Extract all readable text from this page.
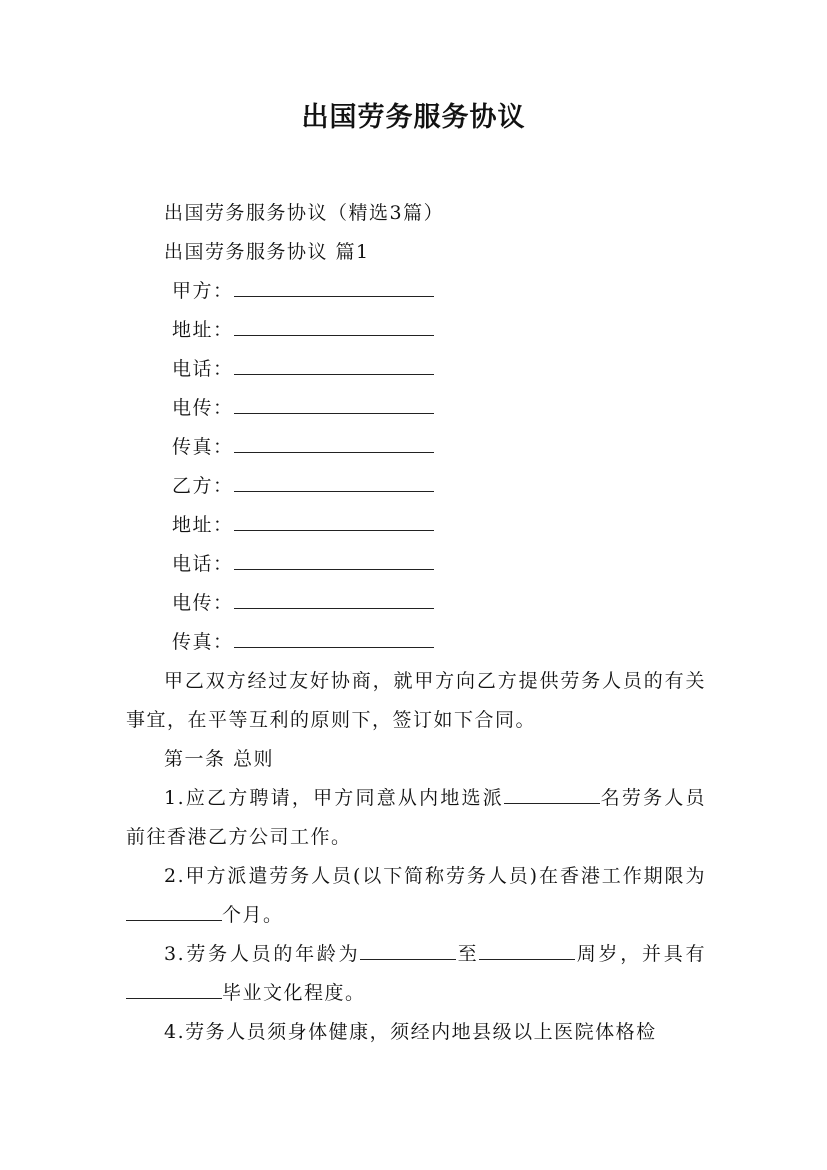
出国劳务服务协议

出国劳务服务协议（精选3篇）

出国劳务服务协议 篇1

甲方：

地址：

电话：

电传：

传真：

乙方：

地址：

电话：

电传：

传真：

甲乙双方经过友好协商，就甲方向乙方提供劳务人员的有关事宜，在平等互利的原则下，签订如下合同。

第一条 总则

1.应乙方聘请，甲方同意从内地选派	名劳务人员前往香港乙方公司工作。

2.甲方派遣劳务人员(以下简称劳务人员)在香港工作期限为个月。

3.劳务人员的年龄为	至	周岁，并具有毕业文化程度。

4.劳务人员须身体健康，须经内地县级以上医院体格检
